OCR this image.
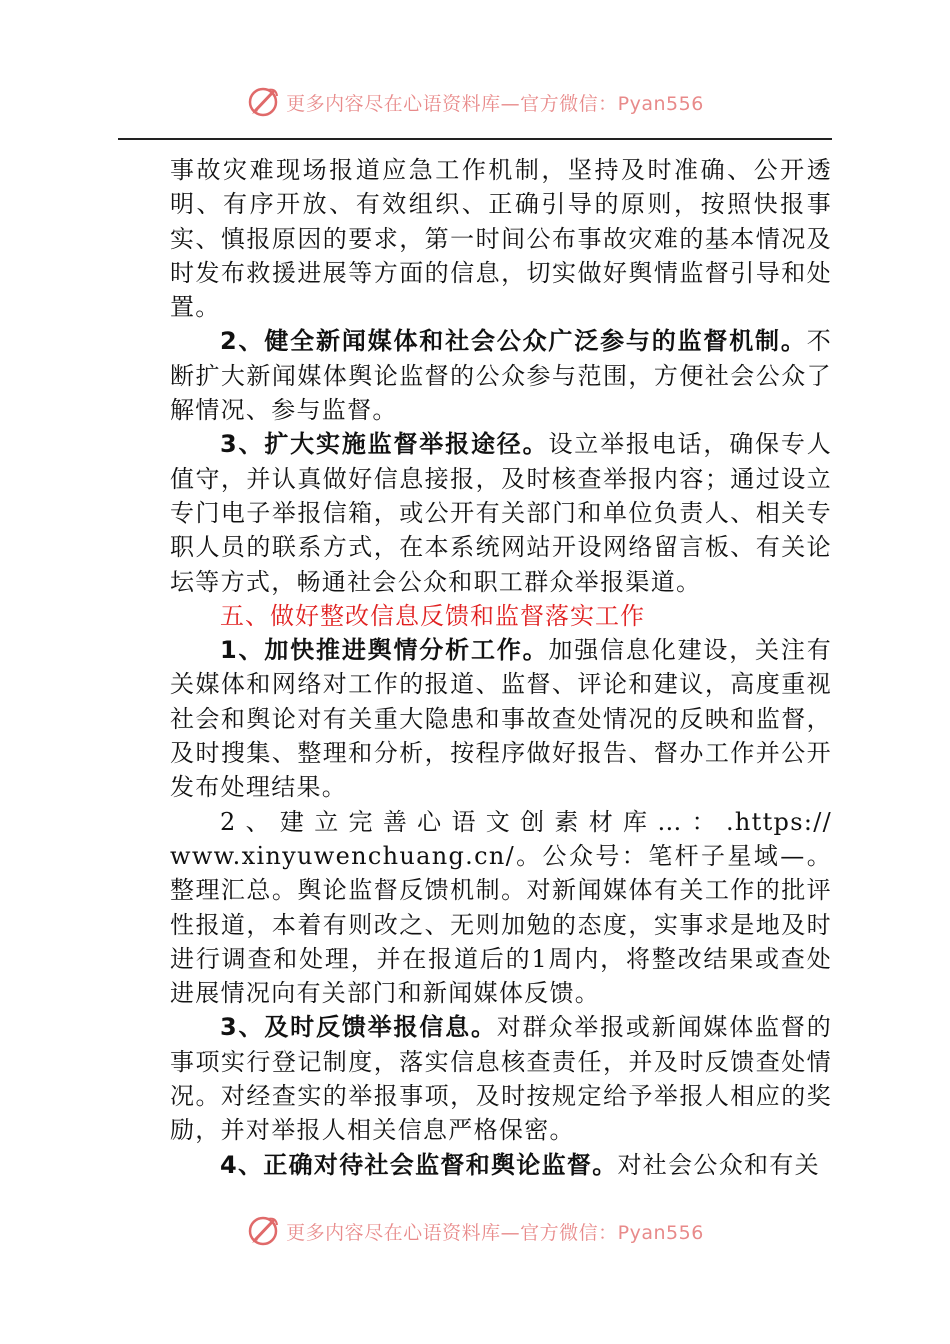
更多内容尽在心语资料库—官方微信：Pyan556

事故灾难现场报道应急工作机制，坚持及时准确、公开透明、有序开放、有效组织、正确引导的原则，按照快报事实、慎报原因的要求，第一时间公布事故灾难的基本情况及时发布救援进展等方面的信息，切实做好舆情监督引导和处置。

2、健全新闻媒体和社会公众广泛参与的监督机制。不断扩大新闻媒体舆论监督的公众参与范围，方便社会公众了解情况、参与监督。

3、扩大实施监督举报途径。设立举报电话，确保专人值守，并认真做好信息接报，及时核查举报内容；通过设立专门电子举报信箱，或公开有关部门和单位负责人、相关专职人员的联系方式，在本系统网站开设网络留言板、有关论坛等方式，畅通社会公众和职工群众举报渠道。

五、做好整改信息反馈和监督落实工作

1、加快推进舆情分析工作。加强信息化建设，关注有关媒体和网络对工作的报道、监督、评论和建议，高度重视社会和舆论对有关重大隐患和事故查处情况的反映和监督，及时搜集、整理和分析，按程序做好报告、督办工作并公开发布处理结果。

2、建立完善心语文创素材库…：.https://

www.xinyuwenchuang.cn/。公众号：笔杆子星域—。整理汇总。舆论监督反馈机制。对新闻媒体有关工作的批评性报道，本着有则改之、无则加勉的态度，实事求是地及时进行调查和处理，并在报道后的1周内，将整改结果或查处进展情况向有关部门和新闻媒体反馈。

3、及时反馈举报信息。对群众举报或新闻媒体监督的事项实行登记制度，落实信息核查责任，并及时反馈查处情况。对经查实的举报事项，及时按规定给予举报人相应的奖励，并对举报人相关信息严格保密。

4、正确对待社会监督和舆论监督。对社会公众和有关

更多内容尽在心语资料库—官方微信：Pyan556
